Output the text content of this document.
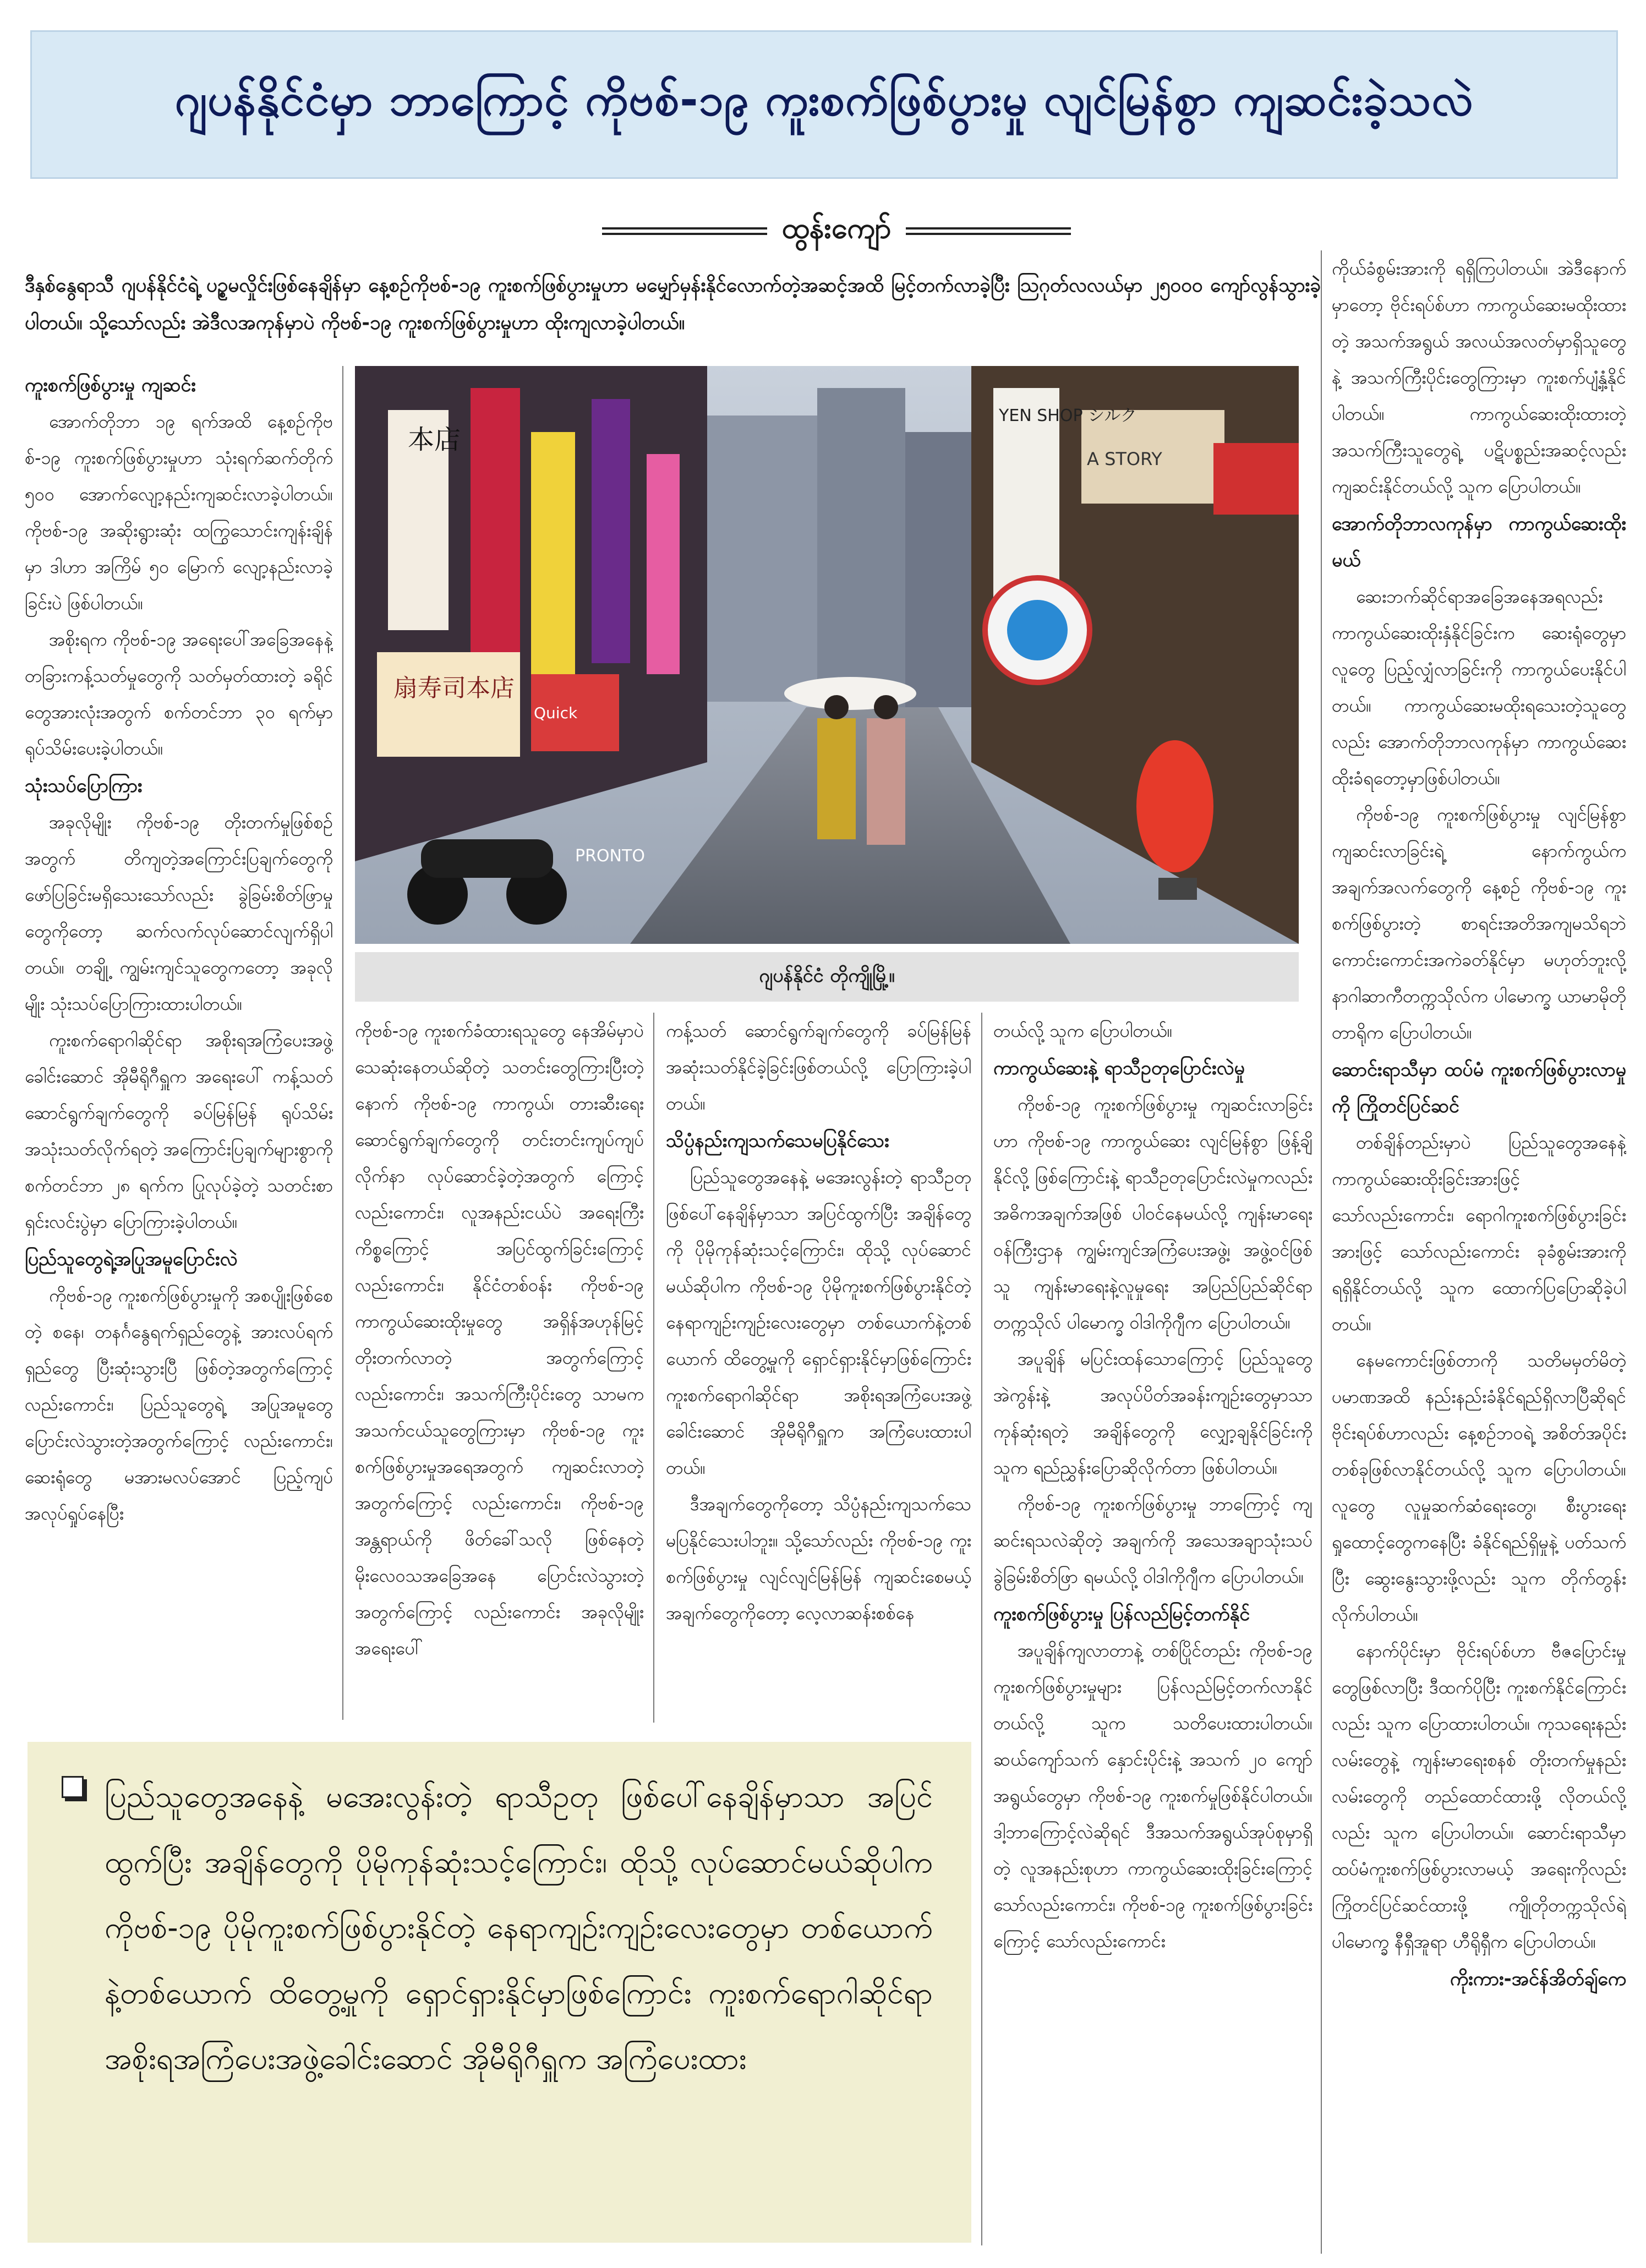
ဂျပန်နိုင်ငံမှာ ဘာကြောင့် ကိုဗစ်-၁၉ ကူးစက်ဖြစ်ပွားမှု လျင်မြန်စွာ ကျဆင်းခဲ့သလဲ
ထွန်းကျော်
ဒီနှစ်နွေရာသီ ဂျပန်နိုင်ငံရဲ့ ပဉ္စမလှိုင်းဖြစ်နေချိန်မှာ နေ့စဉ်ကိုဗစ်-၁၉ ကူးစက်ဖြစ်ပွားမှုဟာ မမျှော်မှန်းနိုင်လောက်တဲ့အဆင့်အထိ မြင့်တက်လာခဲ့ပြီး ဩဂုတ်လလယ်မှာ ၂၅၀၀၀ ကျော်လွန်သွားခဲ့ပါတယ်။ သို့သော်လည်း အဲဒီလအကုန်မှာပဲ ကိုဗစ်-၁၉ ကူးစက်ဖြစ်ပွားမှုဟာ ထိုးကျလာခဲ့ပါတယ်။
本店
扇寿司本店
YEN SHOP シルク
PRONTO
A STORY
Quick
ဂျပန်နိုင်ငံ တိုကျိုမြို့။
ကူးစက်ဖြစ်ပွားမှု ကျဆင်း

အောက်တိုဘာ ၁၉ ရက်အထိ နေ့စဉ်ကိုဗစ်-၁၉ ကူးစက်ဖြစ်ပွားမှုဟာ သုံးရက်ဆက်တိုက် ၅၀၀ အောက်လျော့နည်းကျဆင်းလာခဲ့ပါတယ်။ ကိုဗစ်-၁၉ အဆိုးရွားဆုံး ထကြွသောင်းကျန်းချိန်မှာ ဒါဟာ အကြိမ် ၅၀ မြောက် လျော့နည်းလာခဲ့ခြင်းပဲ ဖြစ်ပါတယ်။

အစိုးရက ကိုဗစ်-၁၉ အရေးပေါ်အခြေအနေနဲ့ တခြားကန့်သတ်မှုတွေကို သတ်မှတ်ထားတဲ့ ခရိုင်တွေအားလုံးအတွက် စက်တင်ဘာ ၃၀ ရက်မှာ ရုပ်သိမ်းပေးခဲ့ပါတယ်။

သုံးသပ်ပြောကြား

အခုလိုမျိုး ကိုဗစ်-၁၉ တိုးတက်မှုဖြစ်စဉ်အတွက် တိကျတဲ့အကြောင်းပြချက်တွေကို ဖော်ပြခြင်းမရှိသေးသော်လည်း ခွဲခြမ်းစိတ်ဖြာမှုတွေကိုတော့ ဆက်လက်လုပ်ဆောင်လျက်ရှိပါတယ်။ တချို့ ကျွမ်းကျင်သူတွေကတော့ အခုလိုမျိုး သုံးသပ်ပြောကြားထားပါတယ်။

ကူးစက်ရောဂါဆိုင်ရာ အစိုးရအကြံပေးအဖွဲ့ခေါင်းဆောင် အိုမီရိုဂီရှူက အရေးပေါ် ကန့်သတ်ဆောင်ရွက်ချက်တွေကို ခပ်မြန်မြန် ရုပ်သိမ်းအသုံးသတ်လိုက်ရတဲ့ အကြောင်းပြချက်များစွာကို စက်တင်ဘာ ၂၈ ရက်က ပြုလုပ်ခဲ့တဲ့ သတင်းစာရှင်းလင်းပွဲမှာ ပြောကြားခဲ့ပါတယ်။

ပြည်သူတွေရဲ့အပြုအမူပြောင်းလဲ

ကိုဗစ်-၁၉ ကူးစက်ဖြစ်ပွားမှုကို အစပျိုးဖြစ်စေတဲ့ စနေ၊ တနင်္ဂနွေရက်ရှည်တွေနဲ့ အားလပ်ရက်ရှည်တွေ ပြီးဆုံးသွားပြီ ဖြစ်တဲ့အတွက်ကြောင့်လည်းကောင်း၊ ပြည်သူတွေရဲ့ အပြုအမူတွေ ပြောင်းလဲသွားတဲ့အတွက်ကြောင့် လည်းကောင်း၊ ဆေးရုံတွေ မအားမလပ်အောင် ပြည့်ကျပ်အလုပ်ရှုပ်နေပြီး

ကိုဗစ်-၁၉ ကူးစက်ခံထားရသူတွေ နေအိမ်မှာပဲ သေဆုံးနေတယ်ဆိုတဲ့ သတင်းတွေကြားပြီးတဲ့နောက် ကိုဗစ်-၁၉ ကာကွယ်၊ တားဆီးရေးဆောင်ရွက်ချက်တွေကို တင်းတင်းကျပ်ကျပ် လိုက်နာ လုပ်ဆောင်ခဲ့တဲ့အတွက် ကြောင့်လည်းကောင်း၊ လူအနည်းငယ်ပဲ အရေးကြီးကိစ္စကြောင့် အပြင်ထွက်ခြင်းကြောင့် လည်းကောင်း၊ နိုင်ငံတစ်ဝန်း ကိုဗစ်-၁၉ ကာကွယ်ဆေးထိုးမှုတွေ အရှိန်အဟုန်မြင့် တိုးတက်လာတဲ့ အတွက်ကြောင့် လည်းကောင်း၊ အသက်ကြီးပိုင်းတွေ သာမက အသက်ငယ်သူတွေကြားမှာ ကိုဗစ်-၁၉ ကူးစက်ဖြစ်ပွားမှုအရေအတွက် ကျဆင်းလာတဲ့အတွက်ကြောင့် လည်းကောင်း၊ ကိုဗစ်-၁၉ အန္တရာယ်ကို ဖိတ်ခေါ်သလို ဖြစ်နေတဲ့ မိုးလေဝသအခြေအနေ ပြောင်းလဲသွားတဲ့အတွက်ကြောင့် လည်းကောင်း အခုလိုမျိုး အရေးပေါ်

ကန့်သတ် ဆောင်ရွက်ချက်တွေကို ခပ်မြန်မြန် အဆုံးသတ်နိုင်ခဲ့ခြင်းဖြစ်တယ်လို့ ပြောကြားခဲ့ပါတယ်။

သိပ္ပံနည်းကျသက်သေမပြနိုင်သေး

ပြည်သူတွေအနေနဲ့ မအေးလွန်းတဲ့ ရာသီဥတု ဖြစ်ပေါ်နေချိန်မှာသာ အပြင်ထွက်ပြီး အချိန်တွေကို ပိုမိုကုန်ဆုံးသင့်ကြောင်း၊ ထိုသို့ လုပ်ဆောင်မယ်ဆိုပါက ကိုဗစ်-၁၉ ပိုမိုကူးစက်ဖြစ်ပွားနိုင်တဲ့ နေရာကျဉ်းကျဉ်းလေးတွေမှာ တစ်ယောက်နဲ့တစ်ယောက် ထိတွေ့မှုကို ရှောင်ရှားနိုင်မှာဖြစ်ကြောင်း ကူးစက်ရောဂါဆိုင်ရာ အစိုးရအကြံပေးအဖွဲ့ခေါင်းဆောင် အိုမီရိုဂီရှူက အကြံပေးထားပါတယ်။

ဒီအချက်တွေကိုတော့ သိပ္ပံနည်းကျသက်သေမပြနိုင်သေးပါဘူး။ သို့သော်လည်း ကိုဗစ်-၁၉ ကူးစက်ဖြစ်ပွားမှု လျင်လျင်မြန်မြန် ကျဆင်းစေမယ့် အချက်တွေကိုတော့ လေ့လာဆန်းစစ်နေ

တယ်လို့ သူက ပြောပါတယ်။

ကာကွယ်ဆေးနဲ့ ရာသီဥတုပြောင်းလဲမှု

ကိုဗစ်-၁၉ ကူးစက်ဖြစ်ပွားမှု ကျဆင်းလာခြင်းဟာ ကိုဗစ်-၁၉ ကာကွယ်ဆေး လျင်မြန်စွာ ဖြန့်ချိနိုင်လို့ ဖြစ်ကြောင်းနဲ့ ရာသီဥတုပြောင်းလဲမှုကလည်း အဓိကအချက်အဖြစ် ပါဝင်နေမယ်လို့ ကျန်းမာရေးဝန်ကြီးဌာန ကျွမ်းကျင်အကြံပေးအဖွဲ့၊ အဖွဲ့ဝင်ဖြစ်သူ ကျန်းမာရေးနဲ့လူမှုရေး အပြည်ပြည်ဆိုင်ရာ တက္ကသိုလ် ပါမောက္ခ ဝါဒါကိုဂျီက ပြောပါတယ်။

အပူချိန် မပြင်းထန်သောကြောင့် ပြည်သူတွေ အဲကွန်းနဲ့ အလုပ်ပိတ်အခန်းကျဉ်းတွေမှာသာ ကုန်ဆုံးရတဲ့ အချိန်တွေကို လျှော့ချနိုင်ခြင်းကို သူက ရည်ညွှန်းပြောဆိုလိုက်တာ ဖြစ်ပါတယ်။

ကိုဗစ်-၁၉ ကူးစက်ဖြစ်ပွားမှု ဘာကြောင့် ကျဆင်းရသလဲဆိုတဲ့ အချက်ကို အသေအချာသုံးသပ်ခွဲခြမ်းစိတ်ဖြာ ရမယ်လို့ ဝါဒါကိုဂျီက ပြောပါတယ်။

ကူးစက်ဖြစ်ပွားမှု ပြန်လည်မြင့်တက်နိုင်

အပူချိန်ကျလာတာနဲ့ တစ်ပြိုင်တည်း ကိုဗစ်-၁၉ ကူးစက်ဖြစ်ပွားမှုများ ပြန်လည်မြင့်တက်လာနိုင်တယ်လို့ သူက သတိပေးထားပါတယ်။ ဆယ်ကျော်သက် နှောင်းပိုင်းနဲ့ အသက် ၂၀ ကျော်အရွယ်တွေမှာ ကိုဗစ်-၁၉ ကူးစက်မှုဖြစ်နိုင်ပါတယ်။ ဒါ့ဘာကြောင့်လဲဆိုရင် ဒီအသက်အရွယ်အုပ်စုမှာရှိတဲ့ လူအနည်းစုဟာ ကာကွယ်ဆေးထိုးခြင်းကြောင့် သော်လည်းကောင်း၊ ကိုဗစ်-၁၉ ကူးစက်ဖြစ်ပွားခြင်းကြောင့် သော်လည်းကောင်း

ကိုယ်ခံစွမ်းအားကို ရရှိကြပါတယ်။ အဲဒီနောက်မှာတော့ ဗိုင်းရပ်စ်ဟာ ကာကွယ်ဆေးမထိုးထားတဲ့ အသက်အရွယ် အလယ်အလတ်မှာရှိသူတွေနဲ့ အသက်ကြီးပိုင်းတွေကြားမှာ ကူးစက်ပျံ့နှံ့နိုင်ပါတယ်။ ကာကွယ်ဆေးထိုးထားတဲ့ အသက်ကြီးသူတွေရဲ့ ပဋိပစ္စည်းအဆင့်လည်း ကျဆင်းနိုင်တယ်လို့ သူက ပြောပါတယ်။

အောက်တိုဘာလကုန်မှာ ကာကွယ်ဆေးထိုးမယ်

ဆေးဘက်ဆိုင်ရာအခြေအနေအရလည်း ကာကွယ်ဆေးထိုးနှံနိုင်ခြင်းက ဆေးရုံတွေမှာ လူတွေ ပြည့်လျှံလာခြင်းကို ကာကွယ်ပေးနိုင်ပါတယ်။ ကာကွယ်ဆေးမထိုးရသေးတဲ့သူတွေလည်း အောက်တိုဘာလကုန်မှာ ကာကွယ်ဆေးထိုးခံရတော့မှာဖြစ်ပါတယ်။

ကိုဗစ်-၁၉ ကူးစက်ဖြစ်ပွားမှု လျင်မြန်စွာ ကျဆင်းလာခြင်းရဲ့ နောက်ကွယ်က အချက်အလက်တွေကို နေ့စဉ် ကိုဗစ်-၁၉ ကူးစက်ဖြစ်ပွားတဲ့ စာရင်းအတိအကျမသိရဘဲ ကောင်းကောင်းအကဲခတ်နိုင်မှာ မဟုတ်ဘူးလို့ နာဂါဆာကီတက္ကသိုလ်က ပါမောက္ခ ယာမာမိုတို တာရိုက ပြောပါတယ်။

ဆောင်းရာသီမှာ ထပ်မံ ကူးစက်ဖြစ်ပွားလာမှုကို ကြိုတင်ပြင်ဆင်

တစ်ချိန်တည်းမှာပဲ ပြည်သူတွေအနေနဲ့ ကာကွယ်ဆေးထိုးခြင်းအားဖြင့် သော်လည်းကောင်း၊ ရောဂါကူးစက်ဖြစ်ပွားခြင်းအားဖြင့် သော်လည်းကောင်း ခုခံစွမ်းအားကို ရရှိနိုင်တယ်လို့ သူက ထောက်ပြပြောဆိုခဲ့ပါတယ်။

နေမကောင်းဖြစ်တာကို သတိမမှတ်မိတဲ့ ပမာဏအထိ နည်းနည်းခံနိုင်ရည်ရှိလာပြီဆိုရင် ဗိုင်းရပ်စ်ဟာလည်း နေ့စဉ်ဘဝရဲ့ အစိတ်အပိုင်းတစ်ခုဖြစ်လာနိုင်တယ်လို့ သူက ပြောပါတယ်။ လူတွေ လူမှုဆက်ဆံရေးတွေ၊ စီးပွားရေးရှုထောင့်တွေကနေပြီး ခံနိုင်ရည်ရှိမှုနဲ့ ပတ်သက်ပြီး ဆွေးနွေးသွားဖို့လည်း သူက တိုက်တွန်းလိုက်ပါတယ်။

နောက်ပိုင်းမှာ ဗိုင်းရပ်စ်ဟာ ဗီဇပြောင်းမှုတွေဖြစ်လာပြီး ဒီထက်ပိုပြီး ကူးစက်နိုင်ကြောင်းလည်း သူက ပြောထားပါတယ်။ ကုသရေးနည်းလမ်းတွေနဲ့ ကျန်းမာရေးစနစ် တိုးတက်မှုနည်းလမ်းတွေကို တည်ထောင်ထားဖို့ လိုတယ်လို့လည်း သူက ပြောပါတယ်။ ဆောင်းရာသီမှာ ထပ်မံကူးစက်ဖြစ်ပွားလာမယ့် အရေးကိုလည်း ကြိုတင်ပြင်ဆင်ထားဖို့ ကျိုတိုတက္ကသိုလ်ရဲ့ ပါမောက္ခ နီရှီအူရာ ဟီရိုရှီက ပြောပါတယ်။

ကိုးကား-အင်န်အိတ်ချ်ကေ

ပြည်သူတွေအနေနဲ့ မအေးလွန်းတဲ့ ရာသီဥတု ဖြစ်ပေါ်နေချိန်မှာသာ အပြင်ထွက်ပြီး အချိန်တွေကို ပိုမိုကုန်ဆုံးသင့်ကြောင်း၊ ထိုသို့ လုပ်ဆောင်မယ်ဆိုပါက ကိုဗစ်-၁၉ ပိုမိုကူးစက်ဖြစ်ပွားနိုင်တဲ့ နေရာကျဉ်းကျဉ်းလေးတွေမှာ တစ်ယောက်နဲ့တစ်ယောက် ထိတွေ့မှုကို ရှောင်ရှားနိုင်မှာဖြစ်ကြောင်း ကူးစက်ရောဂါဆိုင်ရာ အစိုးရအကြံပေးအဖွဲ့ခေါင်းဆောင် အိုမီရိုဂီရှူက အကြံပေးထား
